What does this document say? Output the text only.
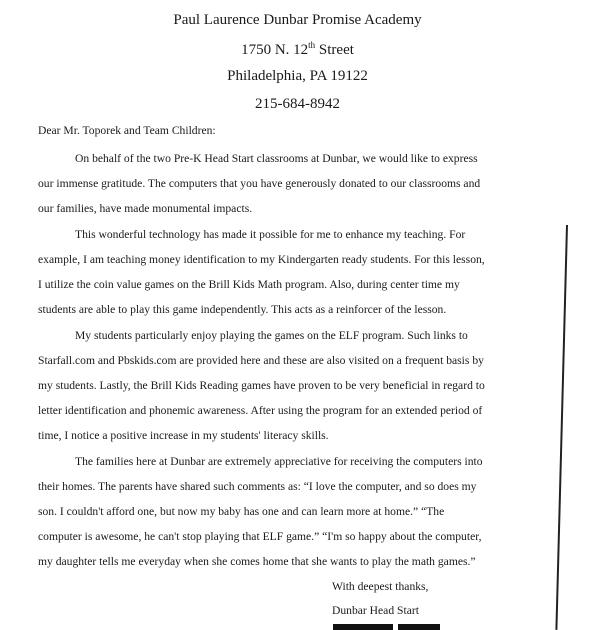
Paul Laurence Dunbar Promise Academy
1750 N. 12th Street
Philadelphia, PA 19122
215-684-8942
Dear Mr. Toporek and Team Children:
On behalf of the two Pre-K Head Start classrooms at Dunbar, we would like to express
our immense gratitude. The computers that you have generously donated to our classrooms and
our families, have made monumental impacts.
This wonderful technology has made it possible for me to enhance my teaching. For
example, I am teaching money identification to my Kindergarten ready students. For this lesson,
I utilize the coin value games on the Brill Kids Math program. Also, during center time my
students are able to play this game independently. This acts as a reinforcer of the lesson.
My students particularly enjoy playing the games on the ELF program. Such links to
Starfall.com and Pbskids.com are provided here and these are also visited on a frequent basis by
my students. Lastly, the Brill Kids Reading games have proven to be very beneficial in regard to
letter identification and phonemic awareness. After using the program for an extended period of
time, I notice a positive increase in my students' literacy skills.
The families here at Dunbar are extremely appreciative for receiving the computers into
their homes. The parents have shared such comments as: “I love the computer, and so does my
son. I couldn't afford one, but now my baby has one and can learn more at home.” “The
computer is awesome, he can't stop playing that ELF game.” “I'm so happy about the computer,
my daughter tells me everyday when she comes home that she wants to play the math games.”
With deepest thanks,
Dunbar Head Start
